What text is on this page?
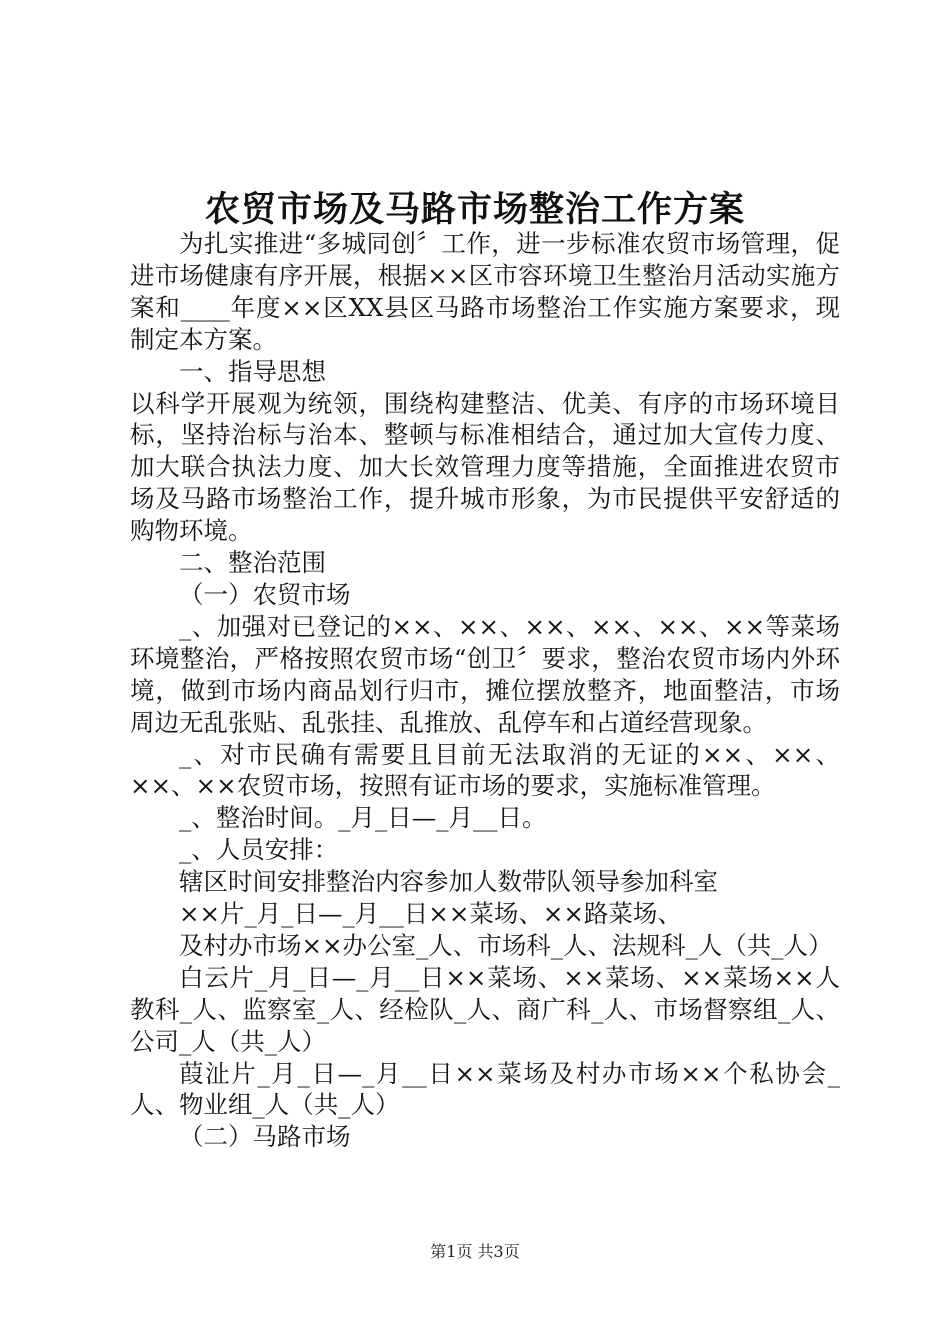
农贸市场及马路市场整治工作方案

为扎实推进“多城同创〞工作，进一步标准农贸市场管理，促进市场健康有序开展，根据××区市容环境卫生整治月活动实施方案和____年度××区XX县区马路市场整治工作实施方案要求，现制定本方案。

一、指导思想

以科学开展观为统领，围绕构建整洁、优美、有序的市场环境目标，坚持治标与治本、整顿与标准相结合，通过加大宣传力度、加大联合执法力度、加大长效管理力度等措施，全面推进农贸市场及马路市场整治工作，提升城市形象，为市民提供平安舒适的购物环境。

二、整治范围

（一）农贸市场

_、加强对已登记的××、××、××、××、××、××等菜场环境整治，严格按照农贸市场“创卫〞要求，整治农贸市场内外环境，做到市场内商品划行归市，摊位摆放整齐，地面整洁，市场周边无乱张贴、乱张挂、乱推放、乱停车和占道经营现象。

_、对市民确有需要且目前无法取消的无证的××、××、××、××农贸市场，按照有证市场的要求，实施标准管理。

_、整治时间。_月_日—_月__日。

_、人员安排：

辖区时间安排整治内容参加人数带队领导参加科室

××片_月_日—_月__日××菜场、××路菜场、

及村办市场××办公室_人、市场科_人、法规科_人（共_人）

白云片_月_日—_月__日××菜场、××菜场、××菜场××人教科_人、监察室_人、经检队_人、商广科_人、市场督察组_人、公司_人（共_人）

葭沚片_月_日—_月__日××菜场及村办市场××个私协会_人、物业组_人（共_人）

（二）马路市场

第1页 共3页
